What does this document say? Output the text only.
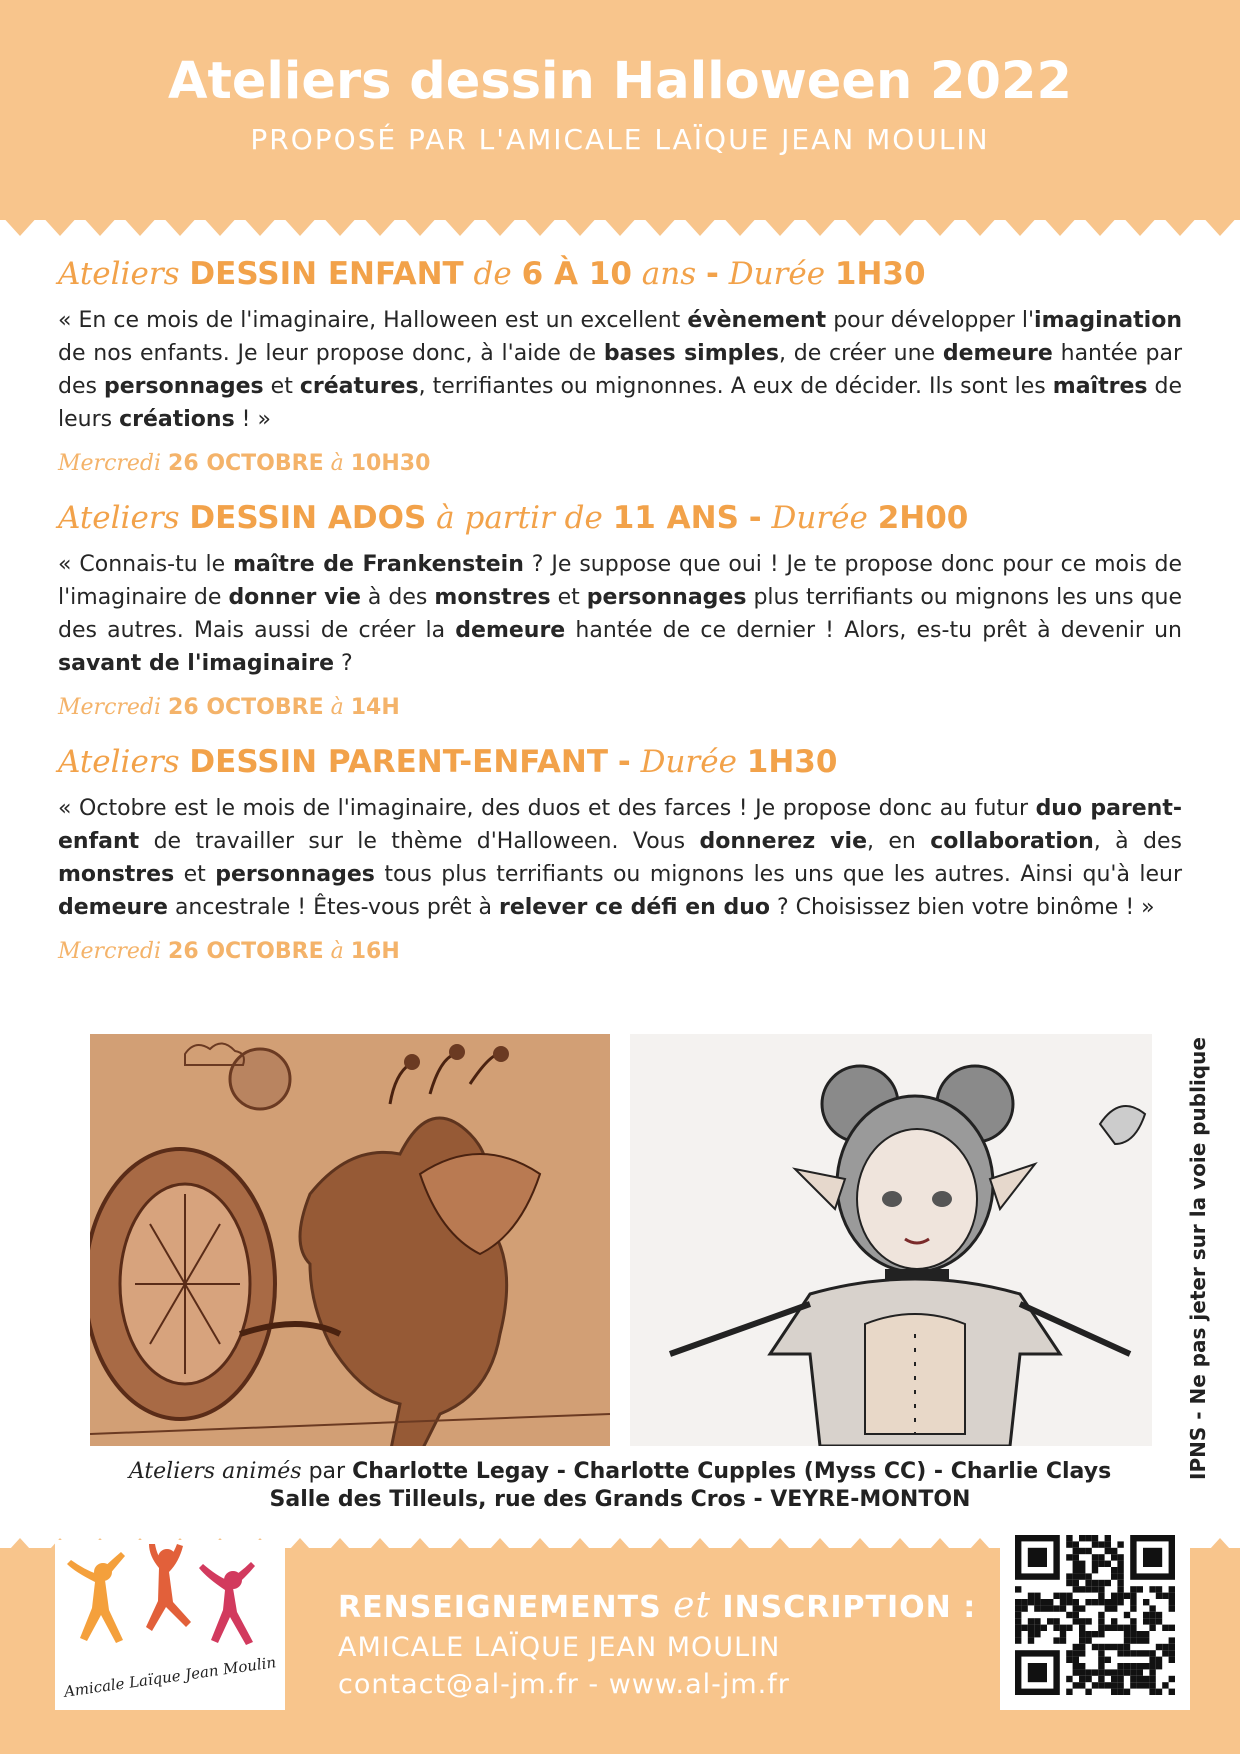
Ateliers dessin Halloween 2022
PROPOSÉ PAR L'AMICALE LAÏQUE JEAN MOULIN
Ateliers DESSIN ENFANT de 6 À 10 ans - Durée 1H30

« En ce mois de l'imaginaire, Halloween est un excellent évènement pour développer l'imagination de nos enfants. Je leur propose donc, à l'aide de bases simples, de créer une demeure hantée par des personnages et créatures, terrifiantes ou mignonnes. A eux de décider. Ils sont les maîtres de leurs créations ! »

Mercredi 26 OCTOBRE à 10H30
Ateliers DESSIN ADOS à partir de 11 ANS - Durée 2H00

« Connais-tu le maître de Frankenstein ? Je suppose que oui ! Je te propose donc pour ce mois de l'imaginaire de donner vie à des monstres et personnages plus terrifiants ou mignons les uns que des autres. Mais aussi de créer la demeure hantée de ce dernier ! Alors, es-tu prêt à devenir un savant de l'imaginaire ?

Mercredi 26 OCTOBRE à 14H
Ateliers DESSIN PARENT-ENFANT - Durée 1H30

« Octobre est le mois de l'imaginaire, des duos et des farces ! Je propose donc au futur duo parent-enfant de travailler sur le thème d'Halloween. Vous donnerez vie, en collaboration, à des monstres et personnages tous plus terrifiants ou mignons les uns que les autres. Ainsi qu'à leur demeure ancestrale ! Êtes-vous prêt à relever ce défi en duo ? Choisissez bien votre binôme ! »

Mercredi 26 OCTOBRE à 16H
IPNS - Ne pas jeter sur la voie publique
Ateliers animés par Charlotte Legay - Charlotte Cupples (Myss CC) - Charlie Clays
Salle des Tilleuls, rue des Grands Cros - VEYRE-MONTON
Amicale Laïque Jean Moulin
RENSEIGNEMENTS et INSCRIPTION :
AMICALE LAÏQUE JEAN MOULIN
contact@al-jm.fr - www.al-jm.fr
